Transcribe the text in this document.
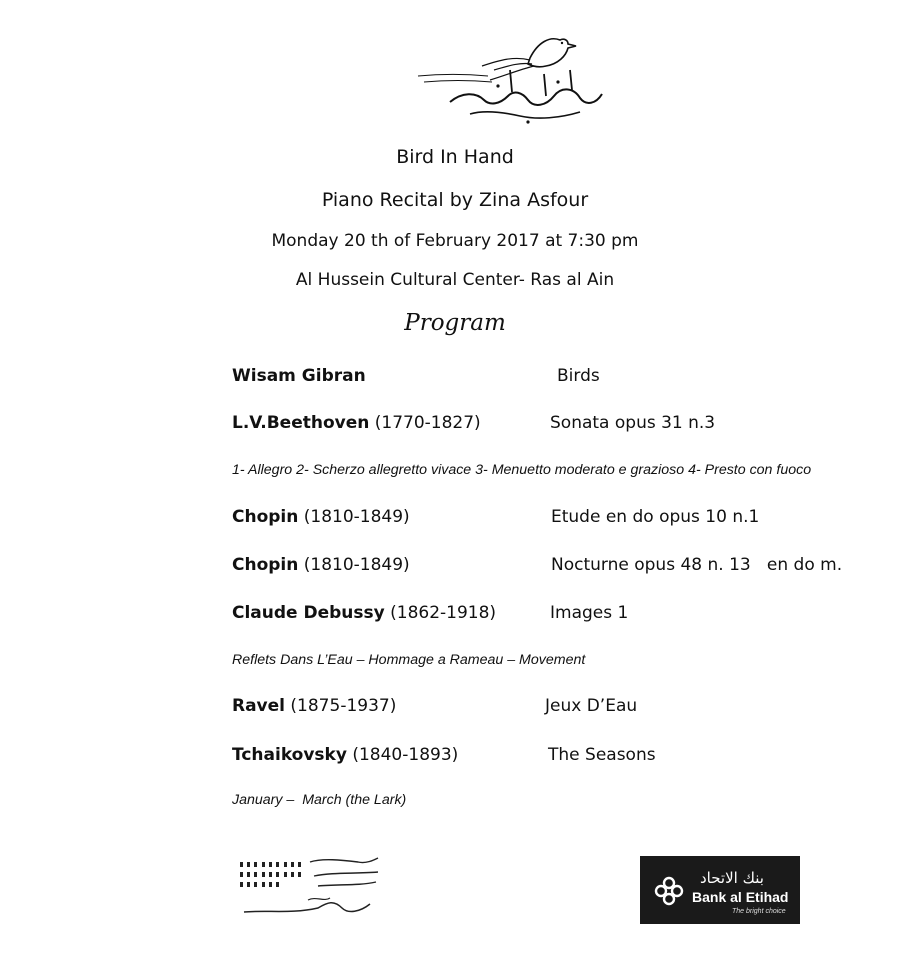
Bird In Hand
Piano Recital by Zina Asfour
Monday 20 th of February 2017 at 7:30 pm
Al Hussein Cultural Center- Ras al Ain
Program
Wisam Gibran	Birds
L.V.Beethoven (1770-1827)	Sonata opus 31 n.3
1- Allegro 2- Scherzo allegretto vivace 3- Menuetto moderato e grazioso 4- Presto con fuoco
Chopin (1810-1849)	Etude en do opus 10 n.1
Chopin (1810-1849)	Nocturne opus 48 n. 13   en do m.
Claude Debussy (1862-1918)	Images 1
Reflets Dans L’Eau – Hommage a Rameau – Movement
Ravel (1875-1937)	Jeux D’Eau
Tchaikovsky (1840-1893)	The Seasons
January –  March (the Lark)
بنك الاتحاد
Bank al Etihad
The bright choice
